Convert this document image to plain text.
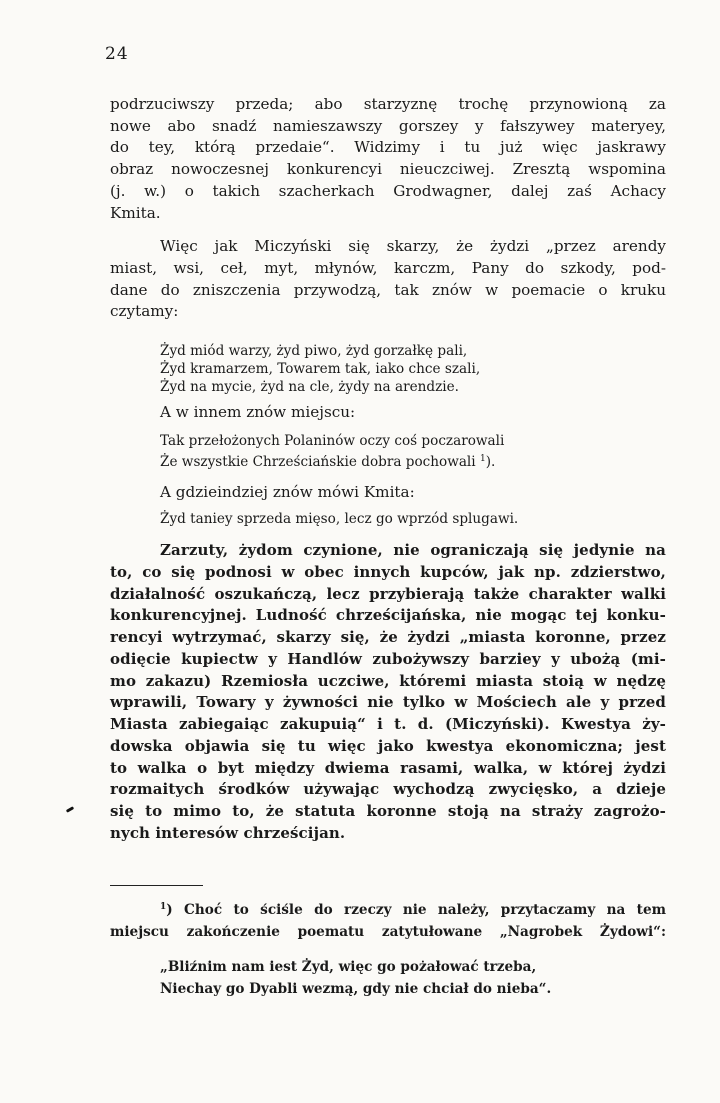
24
podrzuciwszy przeda; abo starzyznę trochę przynowioną za
nowe abo snadź namieszawszy gorszey y fałszywey materyey,
do tey, którą przedaie“. Widzimy i tu już więc jaskrawy
obraz nowoczesnej konkurencyi nieuczciwej. Zresztą wspomina
(j. w.) o takich szacherkach Grodwagner, dalej zaś Achacy
Kmita.
Więc jak Miczyński się skarzy, że żydzi „przez arendy
miast, wsi, ceł, myt, młynów, karczm, Pany do szkody, pod-
dane do zniszczenia przywodzą, tak znów w poemacie o kruku
czytamy:
Żyd miód warzy, żyd piwo, żyd gorzałkę pali,
Żyd kramarzem, Towarem tak, iako chce szali,
Żyd na mycie, żyd na cle, żydy na arendzie.
A w innem znów miejscu:
Tak przełożonych Polaninów oczy coś poczarowali
Że wszystkie Chrześciańskie dobra pochowali $^1$).
A gdzieindziej znów mówi Kmita:
Żyd taniey sprzeda mięso, lecz go wprzód splugawi.
Zarzuty, żydom czynione, nie ograniczają się jedynie na
to, co się podnosi w obec innych kupców, jak np. zdzierstwo,
działalność oszukańczą, lecz przybierają także charakter walki
konkurencyjnej. Ludność chrześcijańska, nie mogąc tej konku-
rencyi wytrzymać, skarzy się, że żydzi „miasta koronne, przez
odięcie kupiectw y Handlów zubożywszy barziey y ubożą (mi-
mo zakazu) Rzemiosła uczciwe, któremi miasta stoią w nędzę
wprawili, Towary y żywności nie tylko w Mościech ale y przed
Miasta zabiegaiąc zakupuią“ i t. d. (Miczyński). Kwestya ży-
dowska objawia się tu więc jako kwestya ekonomiczna; jest
to walka o byt między dwiema rasami, walka, w której żydzi
rozmaitych środków używając wychodzą zwycięsko, a dzieje
się to mimo to, że statuta koronne stoją na straży zagrożo-
nych interesów chrześcijan.
$^1$) Choć to ściśle do rzeczy nie należy, przytaczamy na tem
miejscu zakończenie poematu zatytułowane „Nagrobek Żydowi“:
„Bliźnim nam iest Żyd, więc go pożałować trzeba,
Niechay go Dyabli wezmą, gdy nie chciał do nieba“.
